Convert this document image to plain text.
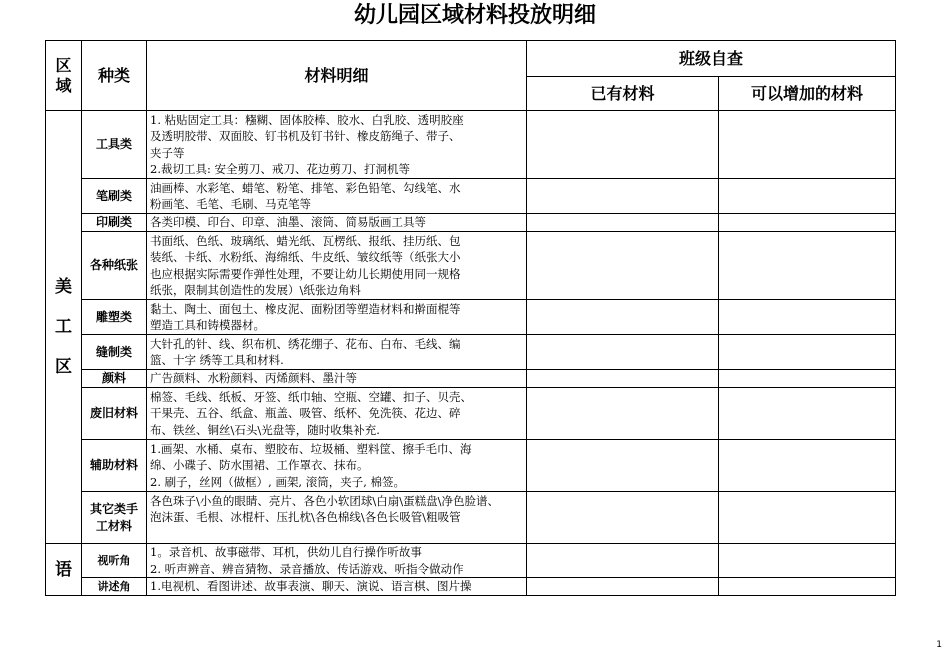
幼儿园区域材料投放明细
区域	种类	材料明细	班级自查	
			已有材料	可以增加的材料
美工区	工具类	1. 粘贴固定工具：糨糊、固体胶棒、胶水、白乳胶、透明胶座
及透明胶带、双面胶、钉书机及钉书针、橡皮筋绳子、带子、
夹子等
2.裁切工具: 安全剪刀、戒刀、花边剪刀、打洞机等		

	笔刷类	油画棒、水彩笔、蜡笔、粉笔、排笔、彩色铅笔、勾线笔、水
粉画笔、毛笔、毛刷、马克笔等		

	印刷类	各类印模、印台、印章、油墨、滚筒、简易版画工具等		

	各种纸张	书面纸、色纸、玻璃纸、蜡光纸、瓦楞纸、报纸、挂历纸、包
装纸、卡纸、水粉纸、海绵纸、牛皮纸、皱纹纸等（纸张大小
也应根据实际需要作弹性处理，不要让幼儿长期使用同一规格
纸张，限制其创造性的发展）\纸张边角料		

	雕塑类	黏土、陶土、面包土、橡皮泥、面粉团等塑造材料和擀面棍等
塑造工具和铸模器材。		

	缝制类	大针孔的针、线、织布机、绣花绷子、花布、白布、毛线、编
篮、十字 绣等工具和材料.		

	颜料	广告颜料、水粉颜料、丙烯颜料、墨汁等		

	废旧材料	棉签、毛线、纸板、牙签、纸巾轴、空瓶、空罐、扣子、贝壳、
干果壳、五谷、纸盒、瓶盖、吸管、纸杯、免洗筷、花边、碎
布、铁丝、铜丝\石头\光盘等，随时收集补充.		

	辅助材料	1.画架、水桶、桌布、塑胶布、垃圾桶、塑料筐、擦手毛巾、海
绵、小碟子、防水围裙、工作罩衣、抹布。
2. 刷子，丝网（做框）, 画架, 滚筒，夹子, 棉签。		

	其它类手工材料	各色珠子\小鱼的眼睛、亮片、各色小软团球\白扇\蛋糕盘\净色脸谱、
泡沫蛋、毛根、冰棍杆、压扎枕\各色棉线\各色长吸管\粗吸管		

语	视听角	1。录音机、故事磁带、耳机，供幼儿自行操作听故事
2. 听声辨音、辨音猜物、录音播放、传话游戏、听指令做动作		

	讲述角	1.电视机、看图讲述、故事表演、聊天、演说、语言棋、图片操		

1
